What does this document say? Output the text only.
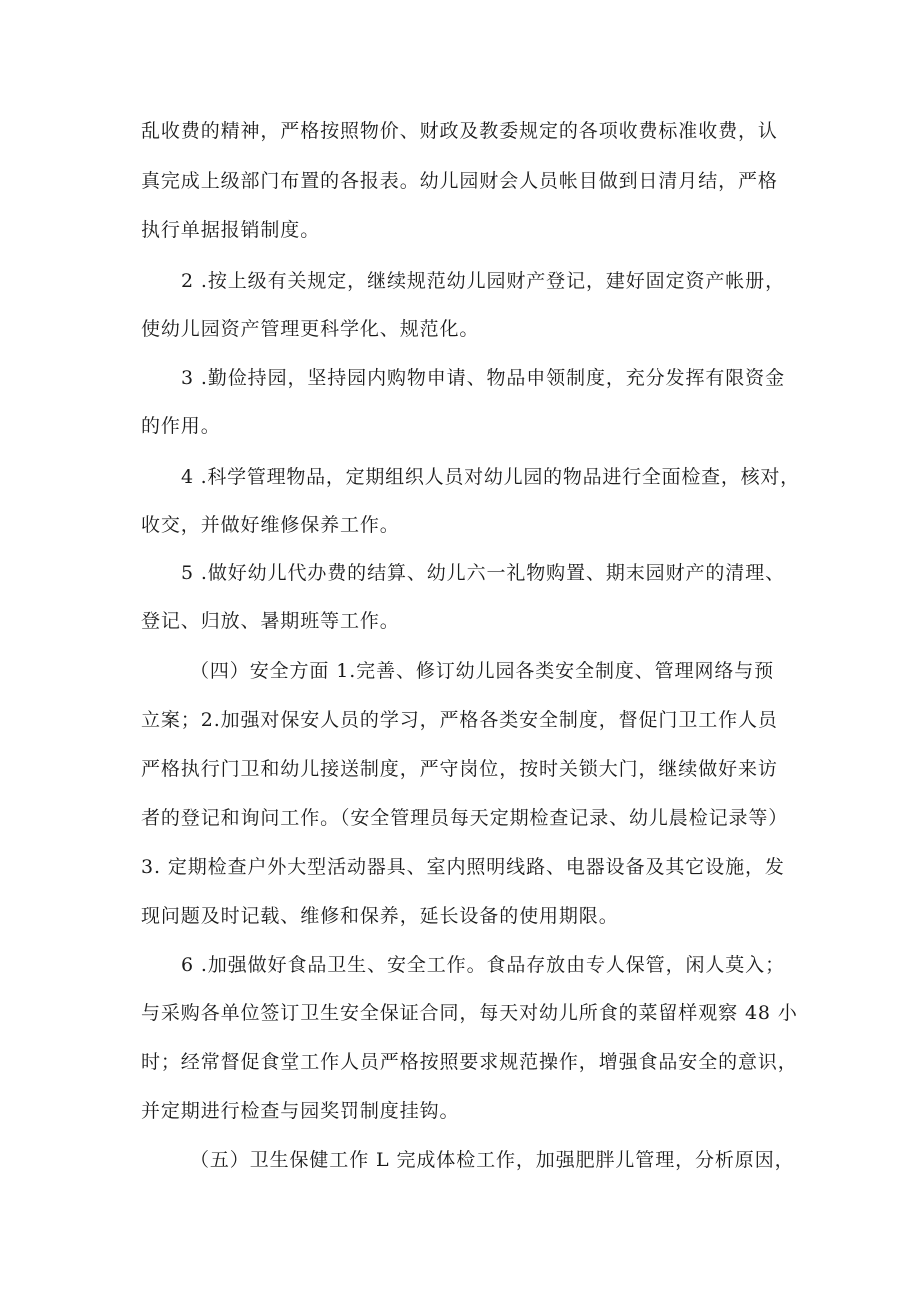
乱收费的精神，严格按照物价、财政及教委规定的各项收费标准收费，认
真完成上级部门布置的各报表。幼儿园财会人员帐目做到日清月结，严格
执行单据报销制度。
2 .按上级有关规定，继续规范幼儿园财产登记，建好固定资产帐册，
使幼儿园资产管理更科学化、规范化。
3 .勤俭持园，坚持园内购物申请、物品申领制度，充分发挥有限资金
的作用。
4 .科学管理物品，定期组织人员对幼儿园的物品进行全面检查，核对，
收交，并做好维修保养工作。
5 .做好幼儿代办费的结算、幼儿六一礼物购置、期末园财产的清理、
登记、归放、暑期班等工作。
（四）安全方面 1.完善、修订幼儿园各类安全制度、管理网络与预
立案；2.加强对保安人员的学习，严格各类安全制度，督促门卫工作人员
严格执行门卫和幼儿接送制度，严守岗位，按时关锁大门，继续做好来访
者的登记和询问工作。（安全管理员每天定期检查记录、幼儿晨检记录等）
3. 定期检查户外大型活动器具、室内照明线路、电器设备及其它设施，发
现问题及时记载、维修和保养，延长设备的使用期限。
6 .加强做好食品卫生、安全工作。食品存放由专人保管，闲人莫入；
与采购各单位签订卫生安全保证合同，每天对幼儿所食的菜留样观察 48 小
时；经常督促食堂工作人员严格按照要求规范操作，增强食品安全的意识，
并定期进行检查与园奖罚制度挂钩。
（五）卫生保健工作 L 完成体检工作，加强肥胖儿管理，分析原因，
